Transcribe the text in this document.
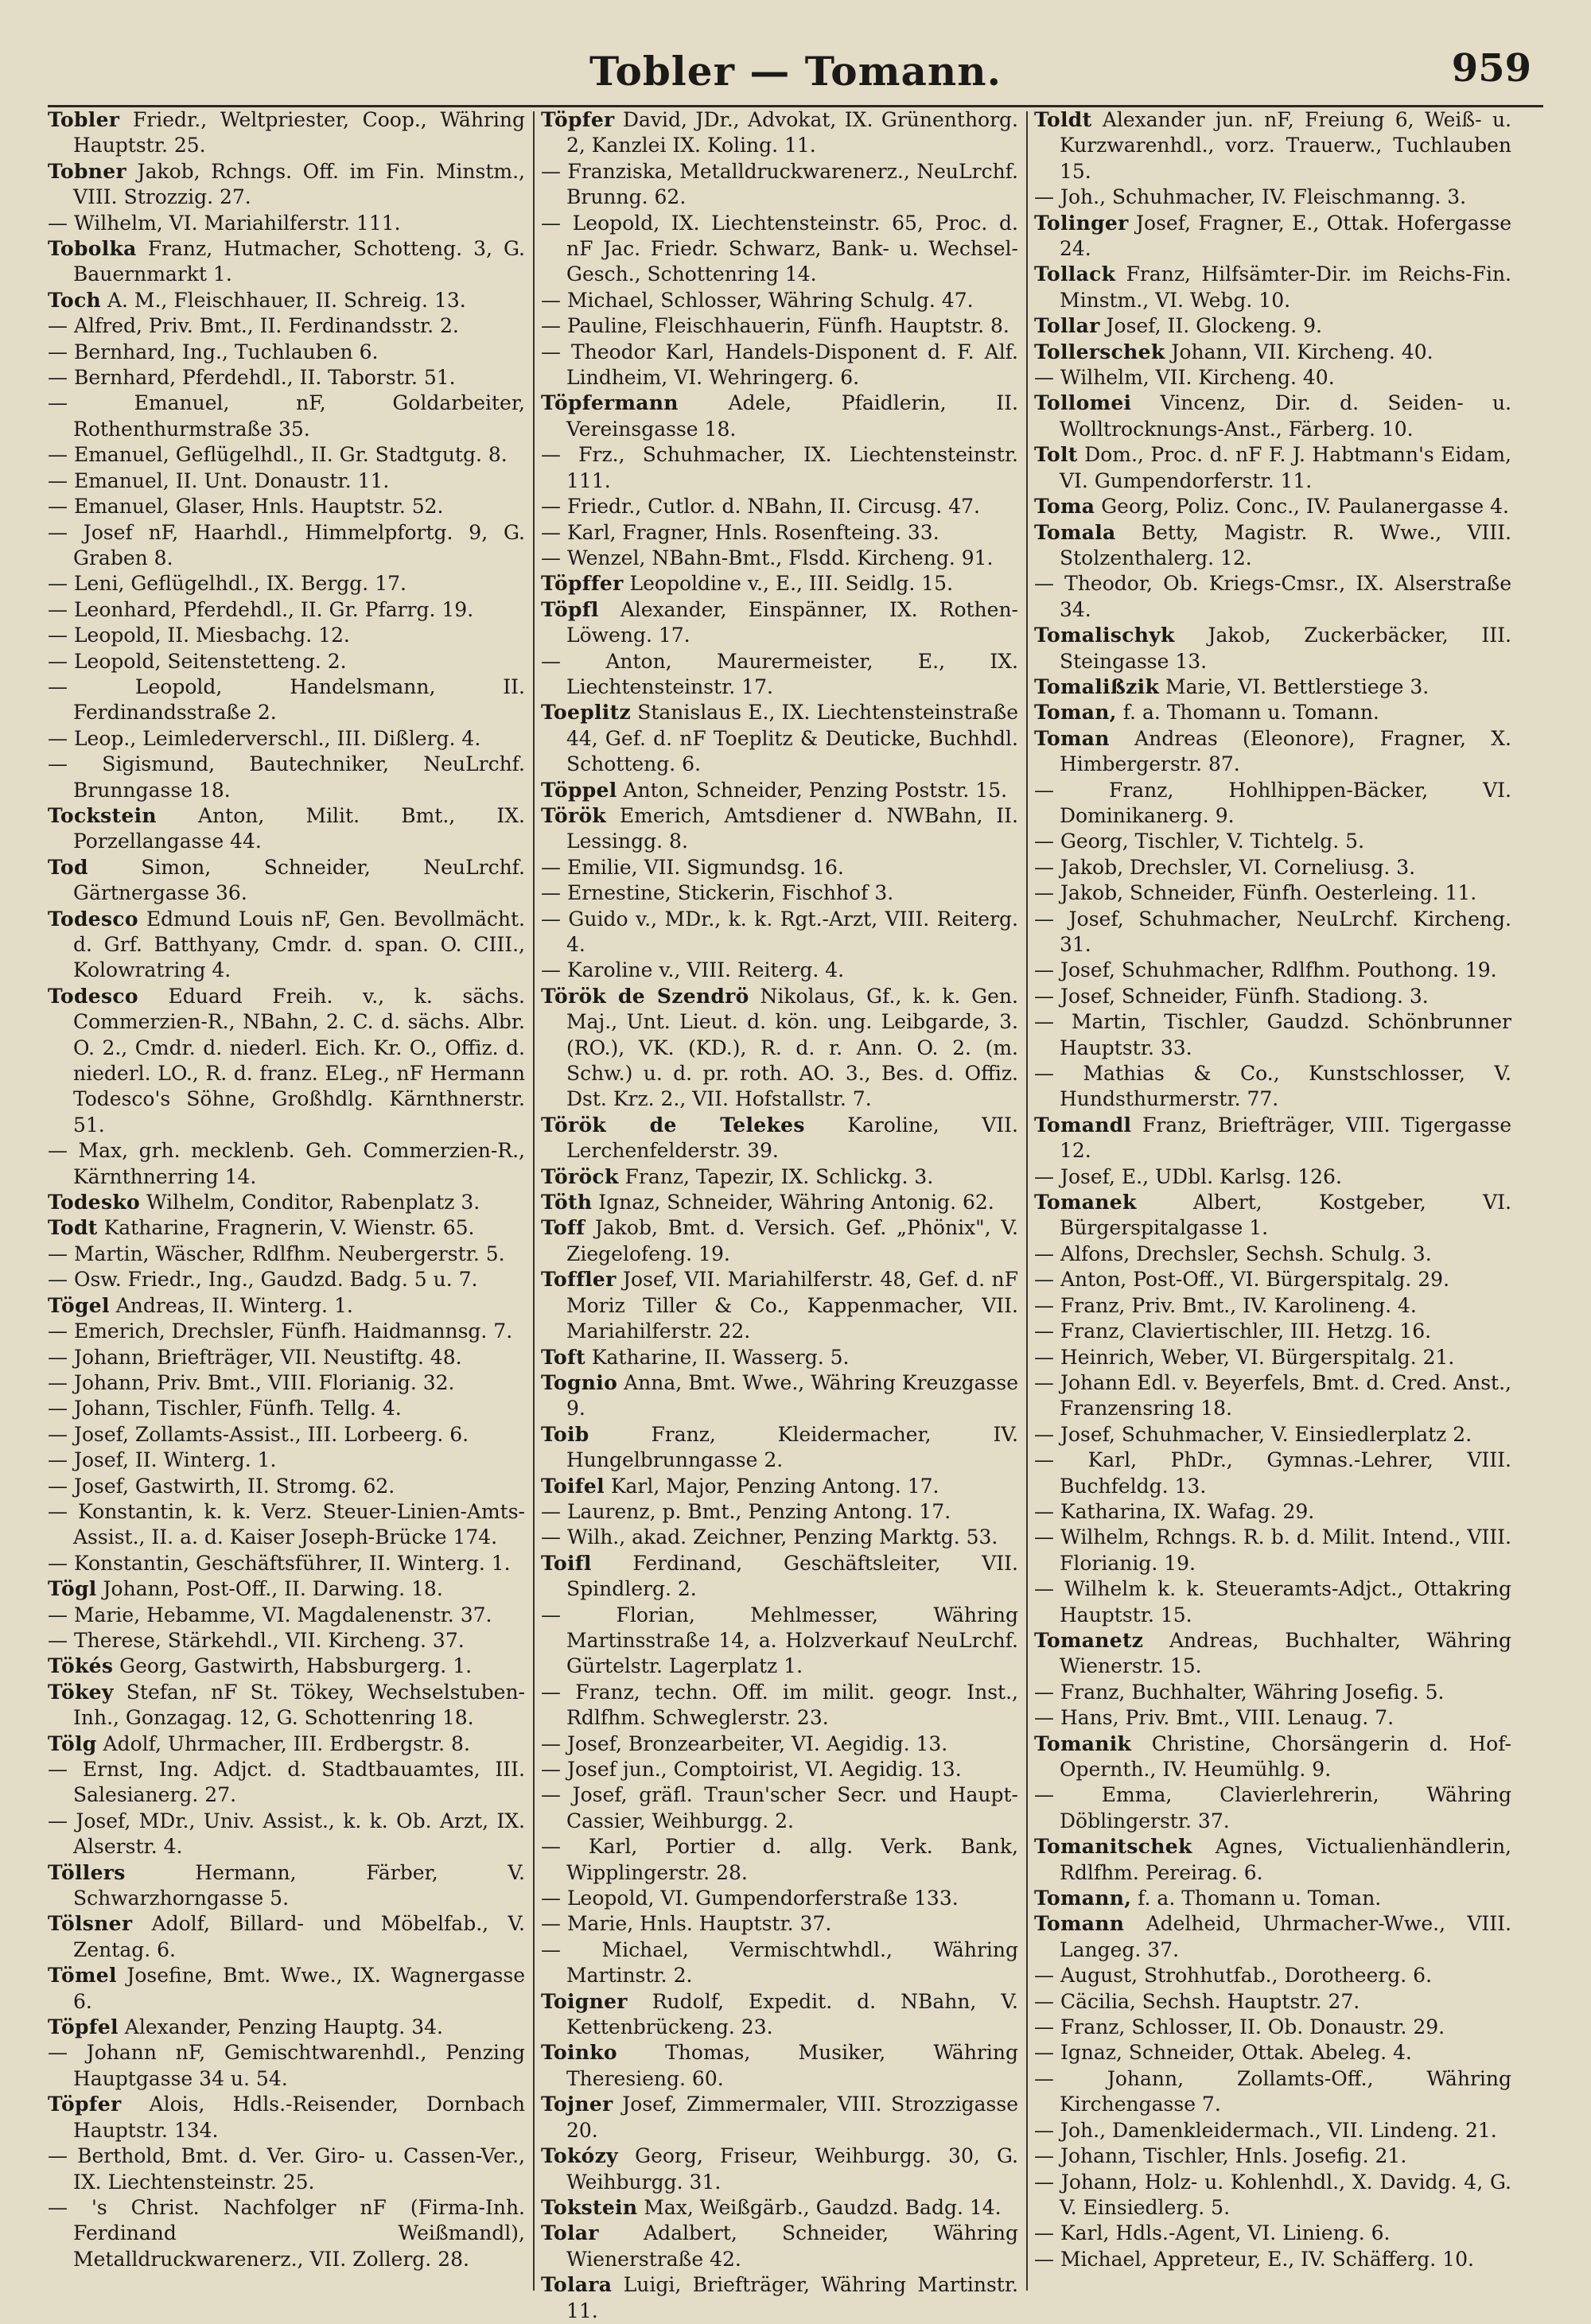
Tobler — Tomann.	959
Tobler Friedr., Weltpriester, Coop., Währing Hauptstr. 25.
Tobner Jakob, Rchngs. Off. im Fin. Minstm., VIII. Strozzig. 27.
— Wilhelm, VI. Mariahilferstr. 111.
Tobolka Franz, Hutmacher, Schotteng. 3, G. Bauernmarkt 1.
Toch A. M., Fleischhauer, II. Schreig. 13.
— Alfred, Priv. Bmt., II. Ferdinandsstr. 2.
— Bernhard, Ing., Tuchlauben 6.
— Bernhard, Pferdehdl., II. Taborstr. 51.
— Emanuel, nF, Goldarbeiter, Rothenthurmstraße 35.
— Emanuel, Geflügelhdl., II. Gr. Stadtgutg. 8.
— Emanuel, II. Unt. Donaustr. 11.
— Emanuel, Glaser, Hnls. Hauptstr. 52.
— Josef nF, Haarhdl., Himmelpfortg. 9, G. Graben 8.
— Leni, Geflügelhdl., IX. Bergg. 17.
— Leonhard, Pferdehdl., II. Gr. Pfarrg. 19.
— Leopold, II. Miesbachg. 12.
— Leopold, Seitenstetteng. 2.
— Leopold, Handelsmann, II. Ferdinandsstraße 2.
— Leop., Leimlederverschl., III. Dißlerg. 4.
— Sigismund, Bautechniker, NeuLrchf. Brunngasse 18.
Tockstein Anton, Milit. Bmt., IX. Porzellangasse 44.
Tod Simon, Schneider, NeuLrchf. Gärtnergasse 36.
Todesco Edmund Louis nF, Gen. Bevollmächt. d. Grf. Batthyany, Cmdr. d. span. O. CIII., Kolowratring 4.
Todesco Eduard Freih. v., k. sächs. Commerzien-R., NBahn, 2. C. d. sächs. Albr. O. 2., Cmdr. d. niederl. Eich. Kr. O., Offiz. d. niederl. LO., R. d. franz. ELeg., nF Hermann Todesco's Söhne, Großhdlg. Kärnthnerstr. 51.
— Max, grh. mecklenb. Geh. Commerzien-R., Kärnthnerring 14.
Todesko Wilhelm, Conditor, Rabenplatz 3.
Todt Katharine, Fragnerin, V. Wienstr. 65.
— Martin, Wäscher, Rdlfhm. Neubergerstr. 5.
— Osw. Friedr., Ing., Gaudzd. Badg. 5 u. 7.
Tögel Andreas, II. Winterg. 1.
— Emerich, Drechsler, Fünfh. Haidmannsg. 7.
— Johann, Briefträger, VII. Neustiftg. 48.
— Johann, Priv. Bmt., VIII. Florianig. 32.
— Johann, Tischler, Fünfh. Tellg. 4.
— Josef, Zollamts-Assist., III. Lorbeerg. 6.
— Josef, II. Winterg. 1.
— Josef, Gastwirth, II. Stromg. 62.
— Konstantin, k. k. Verz. Steuer-Linien-Amts-Assist., II. a. d. Kaiser Joseph-Brücke 174.
— Konstantin, Geschäftsführer, II. Winterg. 1.
Tögl Johann, Post-Off., II. Darwing. 18.
— Marie, Hebamme, VI. Magdalenenstr. 37.
— Therese, Stärkehdl., VII. Kircheng. 37.
Tökés Georg, Gastwirth, Habsburgerg. 1.
Tökey Stefan, nF St. Tökey, Wechselstuben-Inh., Gonzagag. 12, G. Schottenring 18.
Tölg Adolf, Uhrmacher, III. Erdbergstr. 8.
— Ernst, Ing. Adjct. d. Stadtbauamtes, III. Salesianerg. 27.
— Josef, MDr., Univ. Assist., k. k. Ob. Arzt, IX. Alserstr. 4.
Töllers Hermann, Färber, V. Schwarzhorngasse 5.
Tölsner Adolf, Billard- und Möbelfab., V. Zentag. 6.
Tömel Josefine, Bmt. Wwe., IX. Wagnergasse 6.
Töpfel Alexander, Penzing Hauptg. 34.
— Johann nF, Gemischtwarenhdl., Penzing Hauptgasse 34 u. 54.
Töpfer Alois, Hdls.-Reisender, Dornbach Hauptstr. 134.
— Berthold, Bmt. d. Ver. Giro- u. Cassen-Ver., IX. Liechtensteinstr. 25.
— 's Christ. Nachfolger nF (Firma-Inh. Ferdinand Weißmandl), Metalldruckwarenerz., VII. Zollerg. 28.
Töpfer David, JDr., Advokat, IX. Grünenthorg. 2, Kanzlei IX. Koling. 11.
— Franziska, Metalldruckwarenerz., NeuLrchf. Brunng. 62.
— Leopold, IX. Liechtensteinstr. 65, Proc. d. nF Jac. Friedr. Schwarz, Bank- u. Wechsel-Gesch., Schottenring 14.
— Michael, Schlosser, Währing Schulg. 47.
— Pauline, Fleischhauerin, Fünfh. Hauptstr. 8.
— Theodor Karl, Handels-Disponent d. F. Alf. Lindheim, VI. Wehringerg. 6.
Töpfermann Adele, Pfaidlerin, II. Vereinsgasse 18.
— Frz., Schuhmacher, IX. Liechtensteinstr. 111.
— Friedr., Cutlor. d. NBahn, II. Circusg. 47.
— Karl, Fragner, Hnls. Rosenfteing. 33.
— Wenzel, NBahn-Bmt., Flsdd. Kircheng. 91.
Töpffer Leopoldine v., E., III. Seidlg. 15.
Töpfl Alexander, Einspänner, IX. Rothen-Löweng. 17.
— Anton, Maurermeister, E., IX. Liechtensteinstr. 17.
Toeplitz Stanislaus E., IX. Liechtensteinstraße 44, Gef. d. nF Toeplitz & Deuticke, Buchhdl. Schotteng. 6.
Töppel Anton, Schneider, Penzing Poststr. 15.
Török Emerich, Amtsdiener d. NWBahn, II. Lessingg. 8.
— Emilie, VII. Sigmundsg. 16.
— Ernestine, Stickerin, Fischhof 3.
— Guido v., MDr., k. k. Rgt.-Arzt, VIII. Reiterg. 4.
— Karoline v., VIII. Reiterg. 4.
Török de Szendrö Nikolaus, Gf., k. k. Gen. Maj., Unt. Lieut. d. kön. ung. Leibgarde, 3. (RO.), VK. (KD.), R. d. r. Ann. O. 2. (m. Schw.) u. d. pr. roth. AO. 3., Bes. d. Offiz. Dst. Krz. 2., VII. Hofstallstr. 7.
Török de Telekes Karoline, VII. Lerchenfelderstr. 39.
Töröck Franz, Tapezir, IX. Schlickg. 3.
Töth Ignaz, Schneider, Währing Antonig. 62.
Toff Jakob, Bmt. d. Versich. Gef. „Phönix", V. Ziegelofeng. 19.
Toffler Josef, VII. Mariahilferstr. 48, Gef. d. nF Moriz Tiller & Co., Kappenmacher, VII. Mariahilferstr. 22.
Toft Katharine, II. Wasserg. 5.
Tognio Anna, Bmt. Wwe., Währing Kreuzgasse 9.
Toib Franz, Kleidermacher, IV. Hungelbrunngasse 2.
Toifel Karl, Major, Penzing Antong. 17.
— Laurenz, p. Bmt., Penzing Antong. 17.
— Wilh., akad. Zeichner, Penzing Marktg. 53.
Toifl Ferdinand, Geschäftsleiter, VII. Spindlerg. 2.
— Florian, Mehlmesser, Währing Martinsstraße 14, a. Holzverkauf NeuLrchf. Gürtelstr. Lagerplatz 1.
— Franz, techn. Off. im milit. geogr. Inst., Rdlfhm. Schweglerstr. 23.
— Josef, Bronzearbeiter, VI. Aegidig. 13.
— Josef jun., Comptoirist, VI. Aegidig. 13.
— Josef, gräfl. Traun'scher Secr. und Haupt-Cassier, Weihburgg. 2.
— Karl, Portier d. allg. Verk. Bank, Wipplingerstr. 28.
— Leopold, VI. Gumpendorferstraße 133.
— Marie, Hnls. Hauptstr. 37.
— Michael, Vermischtwhdl., Währing Martinstr. 2.
Toigner Rudolf, Expedit. d. NBahn, V. Kettenbrückeng. 23.
Toinko Thomas, Musiker, Währing Theresieng. 60.
Tojner Josef, Zimmermaler, VIII. Strozzigasse 20.
Tokózy Georg, Friseur, Weihburgg. 30, G. Weihburgg. 31.
Tokstein Max, Weißgärb., Gaudzd. Badg. 14.
Tolar Adalbert, Schneider, Währing Wienerstraße 42.
Tolara Luigi, Briefträger, Währing Martinstr. 11.
Toldt Alexander jun. nF, Freiung 6, Weiß- u. Kurzwarenhdl., vorz. Trauerw., Tuchlauben 15.
— Joh., Schuhmacher, IV. Fleischmanng. 3.
Tolinger Josef, Fragner, E., Ottak. Hofergasse 24.
Tollack Franz, Hilfsämter-Dir. im Reichs-Fin. Minstm., VI. Webg. 10.
Tollar Josef, II. Glockeng. 9.
Tollerschek Johann, VII. Kircheng. 40.
— Wilhelm, VII. Kircheng. 40.
Tollomei Vincenz, Dir. d. Seiden- u. Wolltrocknungs-Anst., Färberg. 10.
Tolt Dom., Proc. d. nF F. J. Habtmann's Eidam, VI. Gumpendorferstr. 11.
Toma Georg, Poliz. Conc., IV. Paulanergasse 4.
Tomala Betty, Magistr. R. Wwe., VIII. Stolzenthalerg. 12.
— Theodor, Ob. Kriegs-Cmsr., IX. Alserstraße 34.
Tomalischyk Jakob, Zuckerbäcker, III. Steingasse 13.
Tomalißzik Marie, VI. Bettlerstiege 3.
Toman, f. a. Thomann u. Tomann.
Toman Andreas (Eleonore), Fragner, X. Himbergerstr. 87.
— Franz, Hohlhippen-Bäcker, VI. Dominikanerg. 9.
— Georg, Tischler, V. Tichtelg. 5.
— Jakob, Drechsler, VI. Corneliusg. 3.
— Jakob, Schneider, Fünfh. Oesterleing. 11.
— Josef, Schuhmacher, NeuLrchf. Kircheng. 31.
— Josef, Schuhmacher, Rdlfhm. Pouthong. 19.
— Josef, Schneider, Fünfh. Stadiong. 3.
— Martin, Tischler, Gaudzd. Schönbrunner Hauptstr. 33.
— Mathias & Co., Kunstschlosser, V. Hundsthurmerstr. 77.
Tomandl Franz, Briefträger, VIII. Tigergasse 12.
— Josef, E., UDbl. Karlsg. 126.
Tomanek Albert, Kostgeber, VI. Bürgerspitalgasse 1.
— Alfons, Drechsler, Sechsh. Schulg. 3.
— Anton, Post-Off., VI. Bürgerspitalg. 29.
— Franz, Priv. Bmt., IV. Karolineng. 4.
— Franz, Claviertischler, III. Hetzg. 16.
— Heinrich, Weber, VI. Bürgerspitalg. 21.
— Johann Edl. v. Beyerfels, Bmt. d. Cred. Anst., Franzensring 18.
— Josef, Schuhmacher, V. Einsiedlerplatz 2.
— Karl, PhDr., Gymnas.-Lehrer, VIII. Buchfeldg. 13.
— Katharina, IX. Wafag. 29.
— Wilhelm, Rchngs. R. b. d. Milit. Intend., VIII. Florianig. 19.
— Wilhelm k. k. Steueramts-Adjct., Ottakring Hauptstr. 15.
Tomanetz Andreas, Buchhalter, Währing Wienerstr. 15.
— Franz, Buchhalter, Währing Josefig. 5.
— Hans, Priv. Bmt., VIII. Lenaug. 7.
Tomanik Christine, Chorsängerin d. Hof-Opernth., IV. Heumühlg. 9.
— Emma, Clavierlehrerin, Währing Döblingerstr. 37.
Tomanitschek Agnes, Victualienhändlerin, Rdlfhm. Pereirag. 6.
Tomann, f. a. Thomann u. Toman.
Tomann Adelheid, Uhrmacher-Wwe., VIII. Langeg. 37.
— August, Strohhutfab., Dorotheerg. 6.
— Cäcilia, Sechsh. Hauptstr. 27.
— Franz, Schlosser, II. Ob. Donaustr. 29.
— Ignaz, Schneider, Ottak. Abeleg. 4.
— Johann, Zollamts-Off., Währing Kirchengasse 7.
— Joh., Damenkleidermach., VII. Lindeng. 21.
— Johann, Tischler, Hnls. Josefig. 21.
— Johann, Holz- u. Kohlenhdl., X. Davidg. 4, G. V. Einsiedlerg. 5.
— Karl, Hdls.-Agent, VI. Linieng. 6.
— Michael, Appreteur, E., IV. Schäfferg. 10.
